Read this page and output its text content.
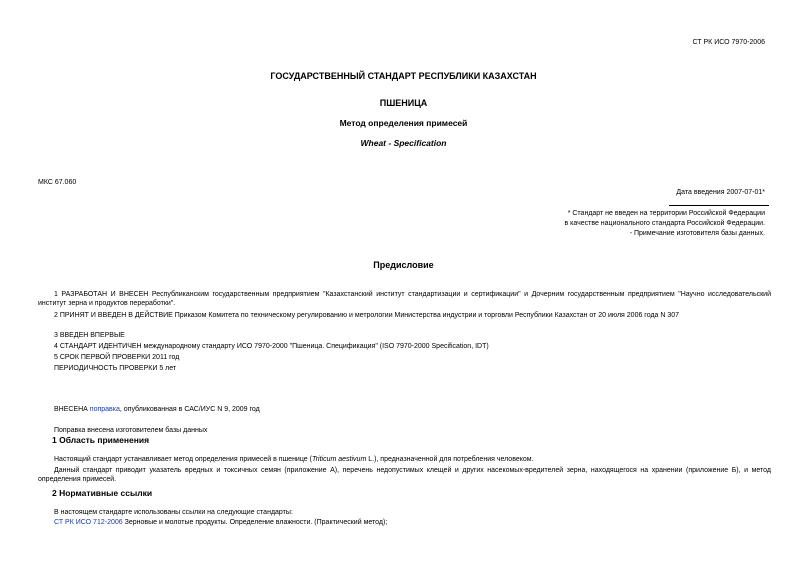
СТ РК ИСО 7970-2006
ГОСУДАРСТВЕННЫЙ СТАНДАРТ РЕСПУБЛИКИ КАЗАХСТАН
ПШЕНИЦА
Метод определения примесей
Wheat - Specification
МКС 67.060
Дата введения 2007-07-01*
* Стандарт не введен на территории Российской Федерации
в качестве национального стандарта Российской Федерации.
- Примечание изготовителя базы данных.
Предисловие
1 РАЗРАБОТАН И ВНЕСЕН Республиканским государственным предприятием "Казахстанский институт стандартизации и сертификации" и Дочерним государственным предприятием "Научно исследовательский институт зерна и продуктов переработки".
2 ПРИНЯТ И ВВЕДЕН В ДЕЙСТВИЕ Приказом Комитета по техническому регулированию и метрологии Министерства индустрии и торговли Республики Казахстан от 20 июля 2006 года N 307
3 ВВЕДЕН ВПЕРВЫЕ
4 СТАНДАРТ ИДЕНТИЧЕН международному стандарту ИСО 7970-2000 "Пшеница. Спецификация" (ISO 7970-2000 Specification, IDT)
5 СРОК ПЕРВОЙ ПРОВЕРКИ 2011 год
ПЕРИОДИЧНОСТЬ ПРОВЕРКИ 5 лет
ВНЕСЕНА поправка, опубликованная в САС/ИУС N 9, 2009 год
Поправка внесена изготовителем базы данных
1 Область применения
Настоящий стандарт устанавливает метод определения примесей в пшенице (Triticum aestivum L.), предназначенной для потребления человеком.
Данный стандарт приводит указатель вредных и токсичных семян (приложение А), перечень недопустимых клещей и других насекомых-вредителей зерна, находящегося на хранении (приложение Б), и метод определения примесей.
2 Нормативные ссылки
В настоящем стандарте использованы ссылки на следующие стандарты:
СТ РК ИСО 712-2006 Зерновые и молотые продукты. Определение влажности. (Практический метод);
